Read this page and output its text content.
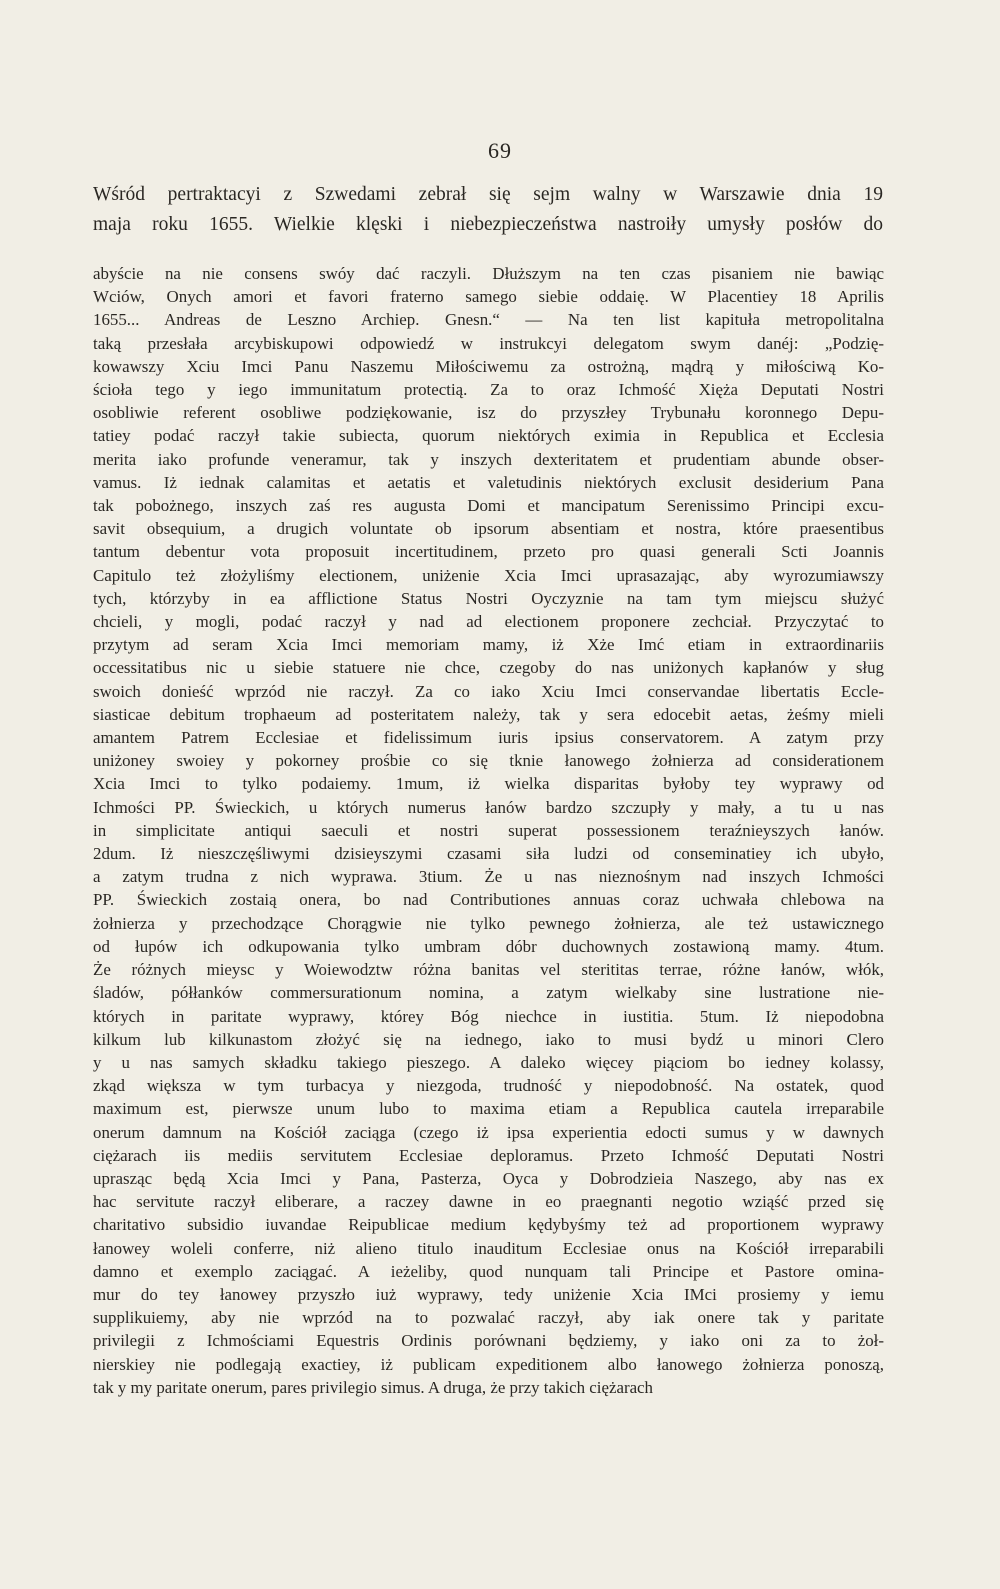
69
Wśród pertraktacyi z Szwedami zebrał się sejm walny w Warszawie dnia 19
maja roku 1655. Wielkie klęski i niebezpieczeństwa nastroiły umysły posłów do
abyście na nie consens swóy dać raczyli. Dłuższym na ten czas pisaniem nie bawiąc
Wciów, Onych amori et favori fraterno samego siebie oddaię. W Placentiey 18 Aprilis
1655... Andreas de Leszno Archiep. Gnesn.“ — Na ten list kapituła metropolitalna
taką przesłała arcybiskupowi odpowiedź w instrukcyi delegatom swym danéj: „Podzię-
kowawszy Xciu Imci Panu Naszemu Miłościwemu za ostrożną, mądrą y miłościwą Ko-
ścioła tego y iego immunitatum protectią. Za to oraz Ichmość Xięża Deputati Nostri
osobliwie referent osobliwe podziękowanie, isz do przyszłey Trybunału koronnego Depu-
tatiey podać raczył takie subiecta, quorum niektórych eximia in Republica et Ecclesia
merita iako profunde veneramur, tak y inszych dexteritatem et prudentiam abunde obser-
vamus. Iż iednak calamitas et aetatis et valetudinis niektórych exclusit desiderium Pana
tak pobożnego, inszych zaś res augusta Domi et mancipatum Serenissimo Principi excu-
savit obsequium, a drugich voluntate ob ipsorum absentiam et nostra, które praesentibus
tantum debentur vota proposuit incertitudinem, przeto pro quasi generali Scti Joannis
Capitulo też złożyliśmy electionem, uniżenie Xcia Imci uprasazając, aby wyrozumiawszy
tych, którzyby in ea afflictione Status Nostri Oyczyznie na tam tym miejscu służyć
chcieli, y mogli, podać raczył y nad ad electionem proponere zechciał. Przyczytać to
przytym ad seram Xcia Imci memoriam mamy, iż Xże Imć etiam in extraordinariis
occessitatibus nic u siebie statuere nie chce, czegoby do nas uniżonych kapłanów y sług
swoich donieść wprzód nie raczył. Za co iako Xciu Imci conservandae libertatis Eccle-
siasticae debitum trophaeum ad posteritatem należy, tak y sera edocebit aetas, żeśmy mieli
amantem Patrem Ecclesiae et fidelissimum iuris ipsius conservatorem. A zatym przy
uniżoney swoiey y pokorney prośbie co się tknie łanowego żołnierza ad considerationem
Xcia Imci to tylko podaiemy. 1mum, iż wielka disparitas byłoby tey wyprawy od
Ichmości PP. Świeckich, u których numerus łanów bardzo szczupły y mały, a tu u nas
in simplicitate antiqui saeculi et nostri superat possessionem teraźnieyszych łanów.
2dum. Iż nieszczęśliwymi dzisieyszymi czasami siła ludzi od conseminatiey ich ubyło,
a zatym trudna z nich wyprawa. 3tium. Że u nas nieznośnym nad inszych Ichmości
PP. Świeckich zostaią onera, bo nad Contributiones annuas coraz uchwała chlebowa na
żołnierza y przechodzące Chorągwie nie tylko pewnego żołnierza, ale też ustawicznego
od łupów ich odkupowania tylko umbram dóbr duchownych zostawioną mamy. 4tum.
Że różnych mieysc y Woiewodztw różna banitas vel sterititas terrae, różne łanów, włók,
śladów, półłanków commersurationum nomina, a zatym wielkaby sine lustratione nie-
których in paritate wyprawy, którey Bóg niechce in iustitia. 5tum. Iż niepodobna
kilkum lub kilkunastom złożyć się na iednego, iako to musi bydź u minori Clero
y u nas samych składku takiego pieszego. A daleko więcey piąciom bo iedney kolassy,
zkąd większa w tym turbacya y niezgoda, trudność y niepodobność. Na ostatek, quod
maximum est, pierwsze unum lubo to maxima etiam a Republica cautela irreparabile
onerum damnum na Kościół zaciąga (czego iż ipsa experientia edocti sumus y w dawnych
ciężarach iis mediis servitutem Ecclesiae deploramus. Przeto Ichmość Deputati Nostri
uprasząc będą Xcia Imci y Pana, Pasterza, Oyca y Dobrodzieia Naszego, aby nas ex
hac servitute raczył eliberare, a raczey dawne in eo praegnanti negotio wziąść przed się
charitativo subsidio iuvandae Reipublicae medium kędybyśmy też ad proportionem wyprawy
łanowey woleli conferre, niż alieno titulo inauditum Ecclesiae onus na Kościół irreparabili
damno et exemplo zaciągać. A ieżeliby, quod nunquam tali Principe et Pastore omina-
mur do tey łanowey przyszło iuż wyprawy, tedy uniżenie Xcia IMci prosiemy y iemu
supplikuiemy, aby nie wprzód na to pozwalać raczył, aby iak onere tak y paritate
privilegii z Ichmościami Equestris Ordinis porównani będziemy, y iako oni za to żoł-
nierskiey nie podlegają exactiey, iż publicam expeditionem albo łanowego żołnierza ponoszą,
tak y my paritate onerum, pares privilegio simus. A druga, że przy takich ciężarach
